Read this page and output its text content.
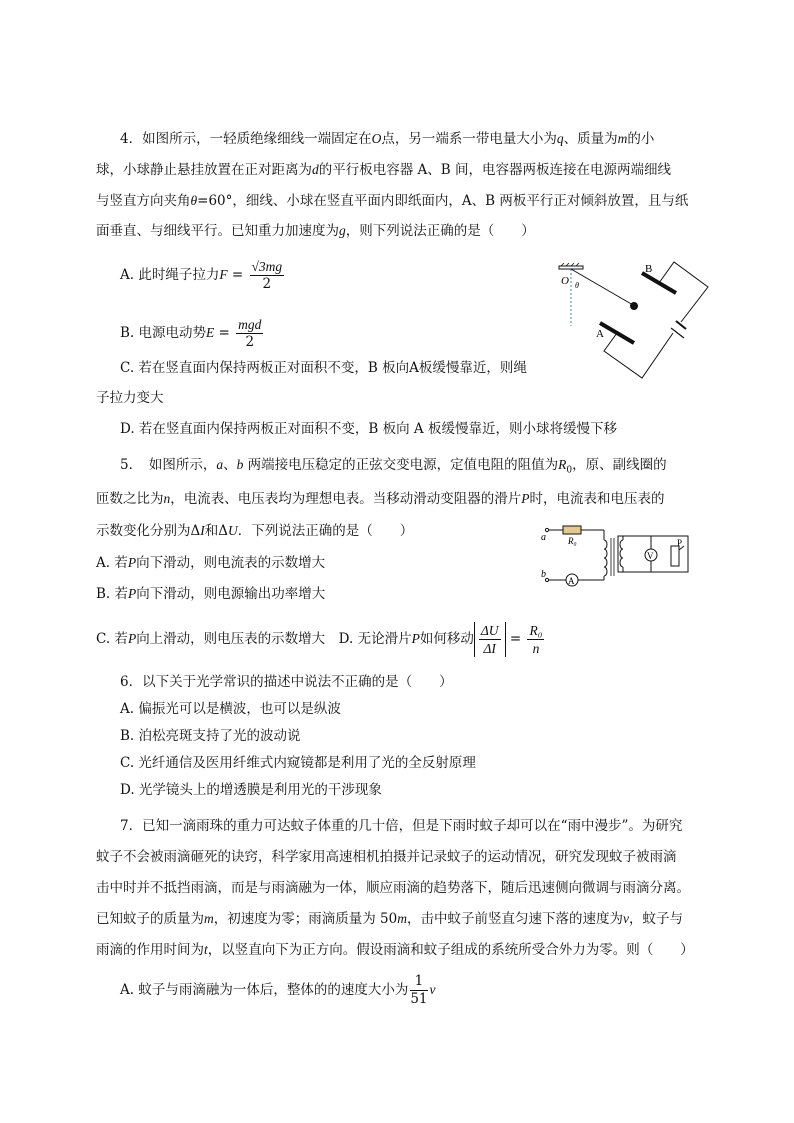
4．如图所示，一轻质绝缘细线一端固定在O点，另一端系一带电量大小为q、质量为m的小
球，小球静止悬挂放置在正对距离为d的平行板电容器 A、B 间，电容器两板连接在电源两端细线
与竖直方向夹角θ=60°，细线、小球在竖直平面内即纸面内，A、B 两板平行正对倾斜放置，且与纸
面垂直、与细线平行。已知重力加速度为g，则下列说法正确的是（　　）
A. 此时绳子拉力$F = \frac{√3mg}{2}$
B. 电源电动势$E = \frac{\text{mgd}}{2}$
C. 若在竖直面内保持两板正对面积不变，B 板向A板缓慢靠近，则绳
子拉力变大
D. 若在竖直面内保持两板正对面积不变，B 板向 A 板缓慢靠近，则小球将缓慢下移
O θ
B
A
5．　如图所示，a、b 两端接电压稳定的正弦交变电源，定值电阻的阻值为$R_0$，原、副线圈的
匝数之比为n，电流表、电压表均为理想电表。当移动滑动变阻器的滑片P时，电流表和电压表的
示数变化分别为ΔI和ΔU．下列说法正确的是（　　）
A. 若P向下滑动，则电流表的示数增大
B. 若P向下滑动，则电源输出功率增大
C. 若P向上滑动，则电压表的示数增大　D. 无论滑片P如何移动 $\frac{\Delta U}{\Delta I} = \frac{\text{R₀}}{n}$
a
b
R₀
V
A
P
6．以下关于光学常识的描述中说法不正确的是（　　）
A. 偏振光可以是横波，也可以是纵波
B. 泊松亮斑支持了光的波动说
C. 光纤通信及医用纤维式内窥镜都是利用了光的全反射原理
D. 光学镜头上的增透膜是利用光的干涉现象
7．已知一滴雨珠的重力可达蚊子体重的几十倍，但是下雨时蚊子却可以在“雨中漫步”。为研究
蚊子不会被雨滴砸死的诀窍，科学家用高速相机拍摄并记录蚊子的运动情况，研究发现蚊子被雨滴
击中时并不抵挡雨滴，而是与雨滴融为一体，顺应雨滴的趋势落下，随后迅速侧向微调与雨滴分离。
已知蚊子的质量为m，初速度为零；雨滴质量为 50m，击中蚊子前竖直匀速下落的速度为v，蚊子与
雨滴的作用时间为t，以竖直向下为正方向。假设雨滴和蚊子组成的系统所受合外力为零。则（　　）
A. 蚊子与雨滴融为一体后，整体的的速度大小为 $\frac{1}{51}$ v
